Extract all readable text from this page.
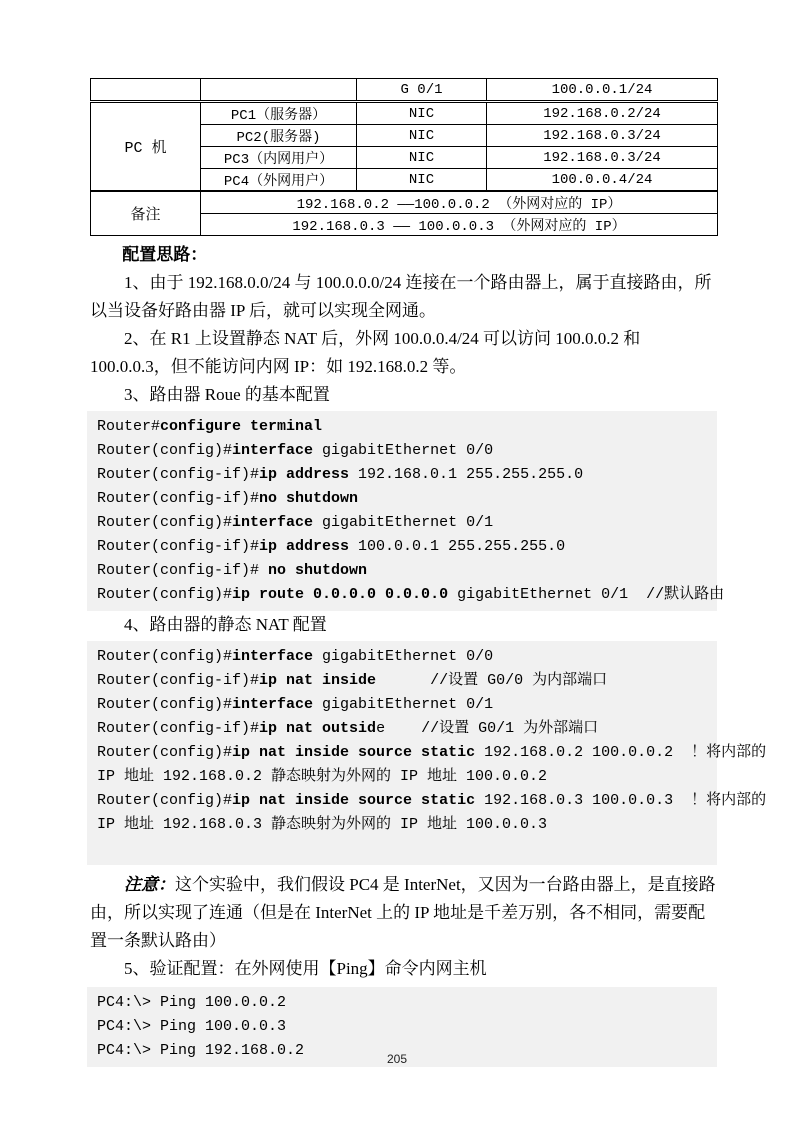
		G 0/1	100.0.0.1/24
PC 机	PC1（服务器）	NIC	192.168.0.2/24
	PC2(服务器)	NIC	192.168.0.3/24
	PC3（内网用户）	NIC	192.168.0.3/24
	PC4（外网用户）	NIC	100.0.0.4/24
备注	192.168.0.2 ——100.0.0.2 （外网对应的 IP）		
	192.168.0.3 —— 100.0.0.3 （外网对应的 IP）		

配置思路：

1、由于 192.168.0.0/24 与 100.0.0.0/24 连接在一个路由器上，属于直接路由，所以当设备好路由器 IP 后，就可以实现全网通。

2、在 R1 上设置静态 NAT 后，外网 100.0.0.4/24 可以访问 100.0.0.2 和 100.0.0.3，但不能访问内网 IP：如 192.168.0.2 等。

3、路由器 Roue 的基本配置

Router#configure terminal
Router(config)#interface gigabitEthernet 0/0
Router(config-if)#ip address 192.168.0.1 255.255.255.0
Router(config-if)#no shutdown
Router(config)#interface gigabitEthernet 0/1
Router(config-if)#ip address 100.0.0.1 255.255.255.0
Router(config-if)# no shutdown
Router(config)#ip route 0.0.0.0 0.0.0.0 gigabitEthernet 0/1  //默认路由

4、路由器的静态 NAT 配置

Router(config)#interface gigabitEthernet 0/0
Router(config-if)#ip nat inside      //设置 G0/0 为内部端口
Router(config)#interface gigabitEthernet 0/1
Router(config-if)#ip nat outside    //设置 G0/1 为外部端口
Router(config)#ip nat inside source static 192.168.0.2 100.0.0.2  ！将内部的
IP 地址 192.168.0.2 静态映射为外网的 IP 地址 100.0.0.2
Router(config)#ip nat inside source static 192.168.0.3 100.0.0.3  ！将内部的
IP 地址 192.168.0.3 静态映射为外网的 IP 地址 100.0.0.3

注意：这个实验中，我们假设 PC4 是 InterNet，又因为一台路由器上，是直接路由，所以实现了连通（但是在 InterNet 上的 IP 地址是千差万别，各不相同，需要配置一条默认路由）

5、验证配置：在外网使用【Ping】命令内网主机

PC4:\> Ping 100.0.0.2
PC4:\> Ping 100.0.0.3
PC4:\> Ping 192.168.0.2	205
